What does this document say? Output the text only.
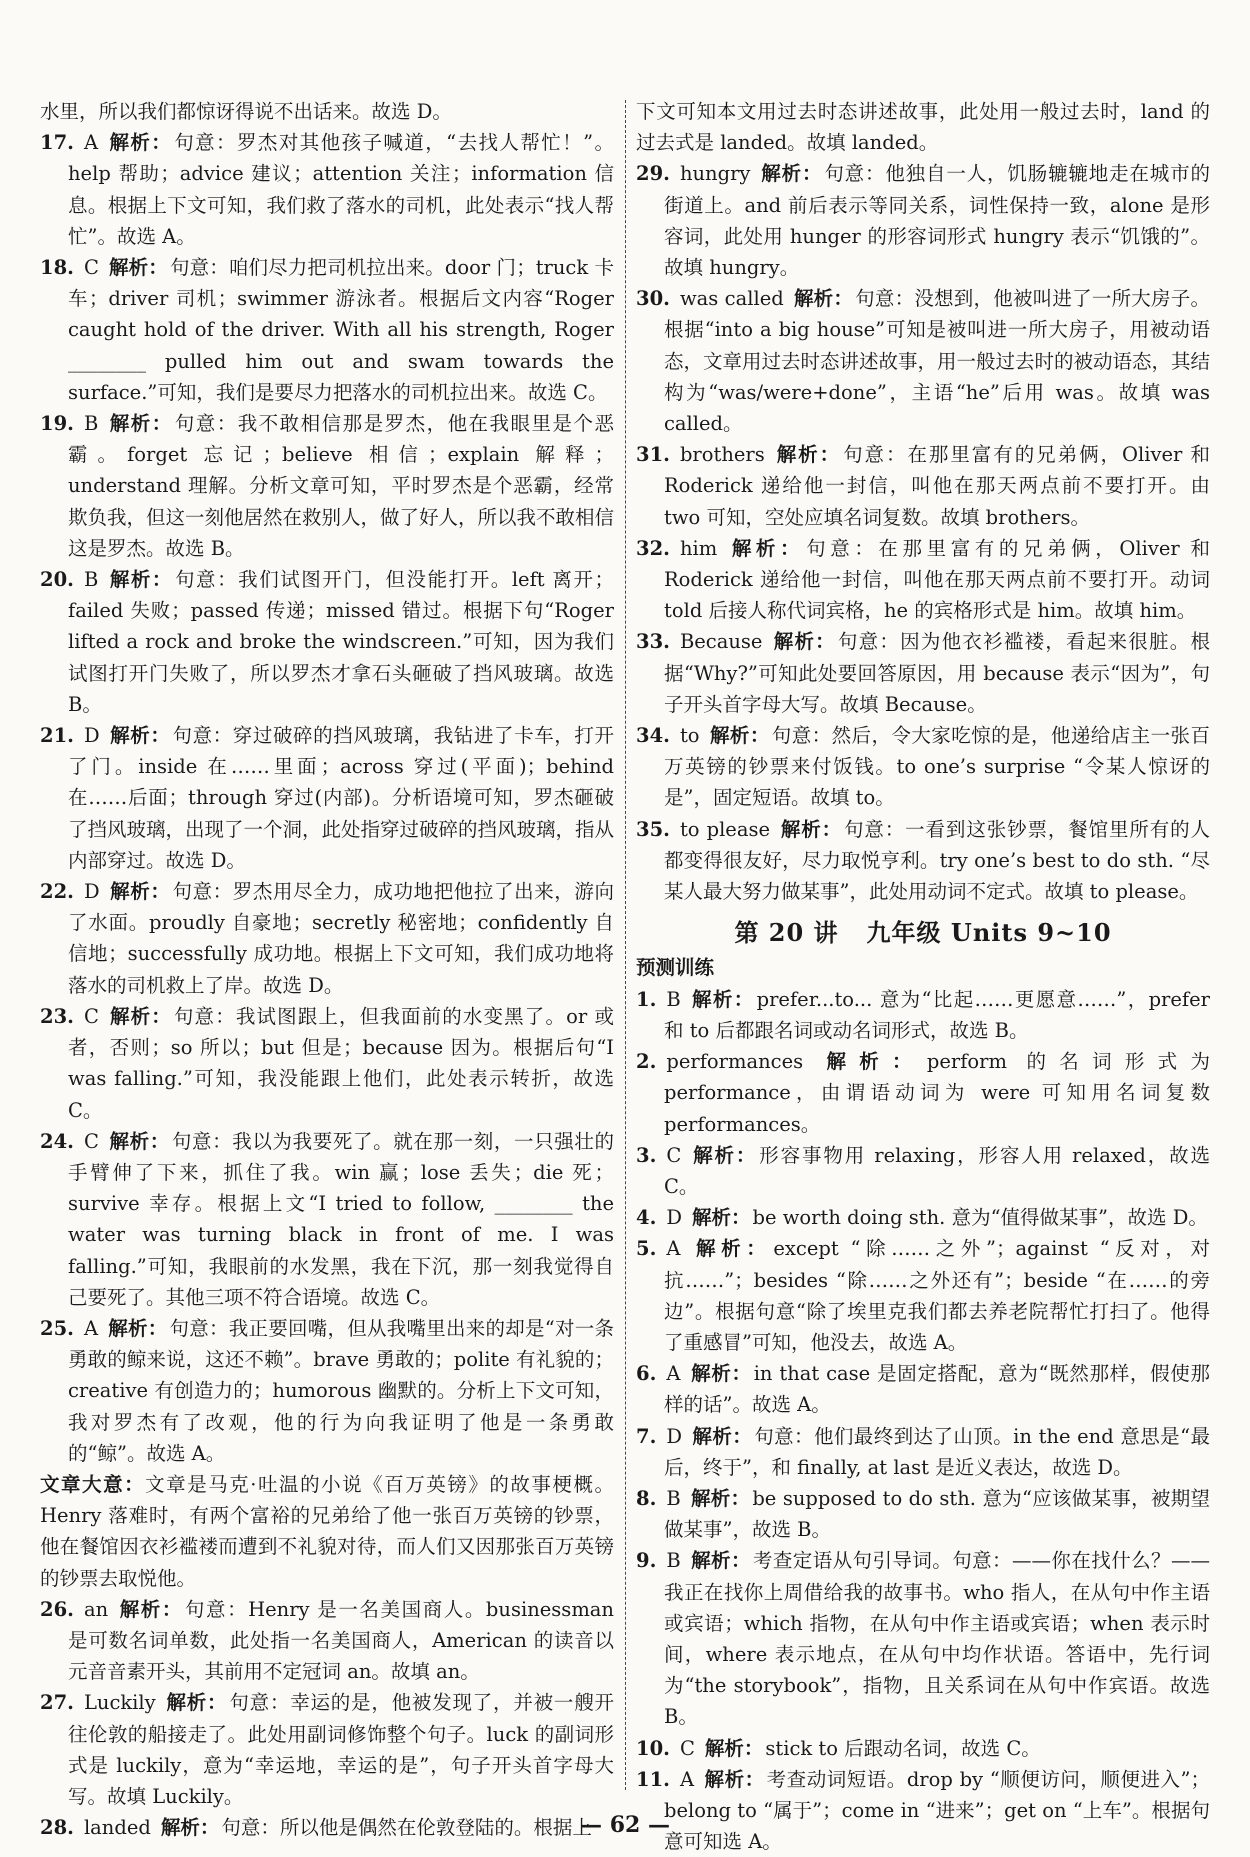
水里，所以我们都惊讶得说不出话来。故选 D。

17. A 解析： 句意：罗杰对其他孩子喊道，“去找人帮忙！”。help 帮助；advice 建议；attention 关注；information 信息。根据上下文可知，我们救了落水的司机，此处表示“找人帮忙”。故选 A。

18. C 解析： 句意：咱们尽力把司机拉出来。door 门；truck 卡车；driver 司机；swimmer 游泳者。根据后文内容“Roger caught hold of the driver. With all his strength, Roger ________ pulled him out and swam towards the surface.”可知，我们是要尽力把落水的司机拉出来。故选 C。

19. B 解析： 句意：我不敢相信那是罗杰，他在我眼里是个恶霸。forget 忘记；believe 相信；explain 解释；understand 理解。分析文章可知，平时罗杰是个恶霸，经常欺负我，但这一刻他居然在救别人，做了好人，所以我不敢相信这是罗杰。故选 B。

20. B 解析： 句意：我们试图开门，但没能打开。left 离开；failed 失败；passed 传递；missed 错过。根据下句“Roger lifted a rock and broke the windscreen.”可知，因为我们试图打开门失败了，所以罗杰才拿石头砸破了挡风玻璃。故选 B。

21. D 解析： 句意：穿过破碎的挡风玻璃，我钻进了卡车，打开了门。inside 在……里面；across 穿过(平面)；behind 在……后面；through 穿过(内部)。分析语境可知，罗杰砸破了挡风玻璃，出现了一个洞，此处指穿过破碎的挡风玻璃，指从内部穿过。故选 D。

22. D 解析： 句意：罗杰用尽全力，成功地把他拉了出来，游向了水面。proudly 自豪地；secretly 秘密地；confidently 自信地；successfully 成功地。根据上下文可知，我们成功地将落水的司机救上了岸。故选 D。

23. C 解析： 句意：我试图跟上，但我面前的水变黑了。or 或者，否则；so 所以；but 但是；because 因为。根据后句“I was falling.”可知，我没能跟上他们，此处表示转折，故选 C。

24. C 解析： 句意：我以为我要死了。就在那一刻，一只强壮的手臂伸了下来，抓住了我。win 赢；lose 丢失；die 死；survive 幸存。根据上文“I tried to follow, ________ the water was turning black in front of me. I was falling.”可知，我眼前的水发黑，我在下沉，那一刻我觉得自己要死了。其他三项不符合语境。故选 C。

25. A 解析： 句意：我正要回嘴，但从我嘴里出来的却是“对一条勇敢的鲸来说，这还不赖”。brave 勇敢的；polite 有礼貌的；creative 有创造力的；humorous 幽默的。分析上下文可知，我对罗杰有了改观，他的行为向我证明了他是一条勇敢的“鲸”。故选 A。

文章大意：文章是马克·吐温的小说《百万英镑》的故事梗概。Henry 落难时，有两个富裕的兄弟给了他一张百万英镑的钞票，他在餐馆因衣衫褴褛而遭到不礼貌对待，而人们又因那张百万英镑的钞票去取悦他。

26. an 解析： 句意：Henry 是一名美国商人。businessman 是可数名词单数，此处指一名美国商人，American 的读音以元音音素开头，其前用不定冠词 an。故填 an。

27. Luckily 解析： 句意：幸运的是，他被发现了，并被一艘开往伦敦的船接走了。此处用副词修饰整个句子。luck 的副词形式是 luckily，意为“幸运地，幸运的是”，句子开头首字母大写。故填 Luckily。

28. landed 解析： 句意：所以他是偶然在伦敦登陆的。根据上

下文可知本文用过去时态讲述故事，此处用一般过去时，land 的过去式是 landed。故填 landed。

29. hungry 解析： 句意：他独自一人，饥肠辘辘地走在城市的街道上。and 前后表示等同关系，词性保持一致，alone 是形容词，此处用 hunger 的形容词形式 hungry 表示“饥饿的”。故填 hungry。

30. was called 解析： 句意：没想到，他被叫进了一所大房子。根据“into a big house”可知是被叫进一所大房子，用被动语态，文章用过去时态讲述故事，用一般过去时的被动语态，其结构为“was/were+done”，主语“he”后用 was。故填 was called。

31. brothers 解析： 句意：在那里富有的兄弟俩，Oliver 和 Roderick 递给他一封信，叫他在那天两点前不要打开。由 two 可知，空处应填名词复数。故填 brothers。

32. him 解析： 句意：在那里富有的兄弟俩，Oliver 和 Roderick 递给他一封信，叫他在那天两点前不要打开。动词 told 后接人称代词宾格，he 的宾格形式是 him。故填 him。

33. Because 解析： 句意：因为他衣衫褴褛，看起来很脏。根据“Why?”可知此处要回答原因，用 because 表示“因为”，句子开头首字母大写。故填 Because。

34. to 解析： 句意：然后，令大家吃惊的是，他递给店主一张百万英镑的钞票来付饭钱。to one’s surprise “令某人惊讶的是”，固定短语。故填 to。

35. to please 解析： 句意：一看到这张钞票，餐馆里所有的人都变得很友好，尽力取悦亨利。try one’s best to do sth. “尽某人最大努力做某事”，此处用动词不定式。故填 to please。

第 20 讲 九年级 Units 9~10

预测训练

1. B 解析： prefer...to... 意为“比起……更愿意……”，prefer 和 to 后都跟名词或动名词形式，故选 B。

2. performances 解析： perform 的名词形式为 performance，由谓语动词为 were 可知用名词复数 performances。

3. C 解析： 形容事物用 relaxing，形容人用 relaxed，故选 C。

4. D 解析： be worth doing sth. 意为“值得做某事”，故选 D。

5. A 解析： except “除……之外”；against “反对，对抗……”；besides “除……之外还有”；beside “在……的旁边”。根据句意“除了埃里克我们都去养老院帮忙打扫了。他得了重感冒”可知，他没去，故选 A。

6. A 解析： in that case 是固定搭配，意为“既然那样，假使那样的话”。故选 A。

7. D 解析： 句意：他们最终到达了山顶。in the end 意思是“最后，终于”，和 finally, at last 是近义表达，故选 D。

8. B 解析： be supposed to do sth. 意为“应该做某事，被期望做某事”，故选 B。

9. B 解析： 考查定语从句引导词。句意：——你在找什么？——我正在找你上周借给我的故事书。who 指人，在从句中作主语或宾语；which 指物，在从句中作主语或宾语；when 表示时间，where 表示地点，在从句中均作状语。答语中，先行词为“the storybook”，指物，且关系词在从句中作宾语。故选 B。

10. C 解析： stick to 后跟动名词，故选 C。

11. A 解析： 考查动词短语。drop by “顺便访问，顺便进入”；belong to “属于”；come in “进来”；get on “上车”。根据句意可知选 A。

— 62 —
